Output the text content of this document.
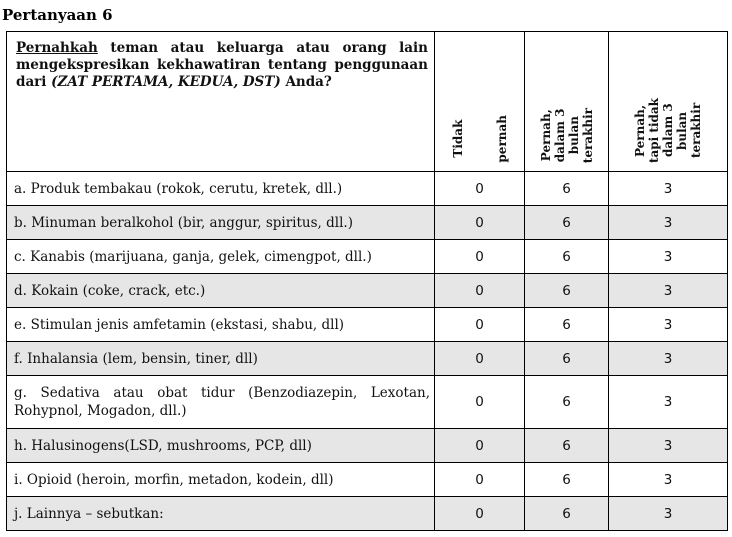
Pertanyaan 6
Pernahkah teman atau keluarga atau orang lain mengekspresikan kekhawatiran tentang penggunaan dari (ZAT PERTAMA, KEDUA, DST) Anda?	Tidak pernah	Pernah, dalam 3 bulan terakhir	Pernah, tapi tidak dalam 3 bulan terakhir

a. Produk tembakau (rokok, cerutu, kretek, dll.)	0	6	3
b. Minuman beralkohol (bir, anggur, spiritus, dll.)	0	6	3
c. Kanabis (marijuana, ganja, gelek, cimengpot, dll.)	0	6	3
d. Kokain (coke, crack, etc.)	0	6	3
e. Stimulan jenis amfetamin (ekstasi, shabu, dll)	0	6	3
f. Inhalansia (lem, bensin, tiner, dll)	0	6	3
g. Sedativa atau obat tidur (Benzodiazepin, Lexotan, Rohypnol, Mogadon, dll.)	0	6	3
h. Halusinogens(LSD, mushrooms, PCP, dll)	0	6	3
i. Opioid (heroin, morfin, metadon, kodein, dll)	0	6	3
j. Lainnya – sebutkan:	0	6	3
